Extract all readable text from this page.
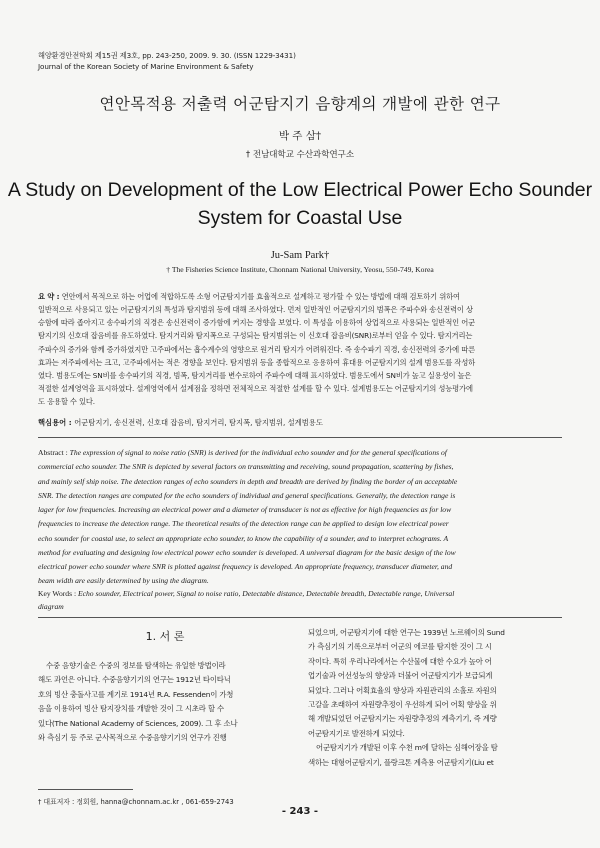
해양환경안전학회 제15권 제3호, pp. 243-250, 2009. 9. 30. (ISSN 1229-3431)
Journal of the Korean Society of Marine Environment & Safety
연안목적용 저출력 어군탐지기 음향계의 개발에 관한 연구
박 주 삼†
† 전남대학교 수산과학연구소
A Study on Development of the Low Electrical Power Echo Sounder
System for Coastal Use
Ju-Sam Park†
† The Fisheries Science Institute, Chonnam National University, Yeosu, 550-749, Korea
요 약 : 연안에서 목적으로 하는 어업에 적합하도록 소형 어군탐지기를 효율적으로 설계하고 평가할 수 있는 방법에 대해 검토하기 위하여
일반적으로 사용되고 있는 어군탐지기의 특성과 탐지범위 등에 대해 조사하였다. 먼저 일반적인 어군탐지기의 범폭은 주파수와 송신전력이 상
승함에 따라 좁아지고 송수파기의 직경은 송신전력이 증가함에 커지는 경향을 보였다. 이 특성을 이용하여 상업적으로 사용되는 일반적인 어군
탐지기의 신호대 잡음비를 유도하였다. 탐지거리와 탐지폭으로 구성되는 탐지범위는 이 신호대 잡음비(SNR)로부터 얻을 수 있다. 탐지거리는
주파수의 증가와 함께 증가하였지만 고주파에서는 흡수계수의 영향으로 원거리 탐지가 어려워진다. 즉 송수파기 직경, 송신전력의 증가에 따른
효과는 저주파에서는 크고, 고주파에서는 적은 경향을 보인다. 탐지범위 등을 종합적으로 응용하여 휴대용 어군탐지기의 설계 범용도를 작성하
였다. 범용도에는 SN비를 송수파기의 직경, 빔폭, 탐지거리를 변수로하여 주파수에 대해 표시하였다. 범용도에서 SN비가 높고 실용성이 높은
적절한 설계영역을 표시하였다. 설계영역에서 설계점을 정하면 전체적으로 적절한 설계를 할 수 있다. 설계범용도는 어군탐지기의 성능평가에
도 응용할 수 있다.
핵심용어 : 어군탐지기, 송신전력, 신호대 잡음비, 탐지거리, 탐지폭, 탐지범위, 설계범용도
Abstract : The expression of signal to noise ratio (SNR) is derived for the individual echo sounder and for the general specifications of
commercial echo sounder. The SNR is depicted by several factors on transmitting and receiving, sound propagation, scattering by fishes,
and mainly self ship noise. The detection ranges of echo sounders in depth and breadth are derived by finding the border of an acceptable
SNR. The detection ranges are computed for the echo sounders of individual and general specifications. Generally, the detection range is
lager for low frequencies. Increasing an electrical power and a diameter of transducer is not as effective for high frequencies as for low
frequencies to increase the detection range. The theoretical results of the detection range can be applied to design low electrical power
echo sounder for coastal use, to select an appropriate echo sounder, to know the capability of a sounder, and to interpret echograms. A
method for evaluating and designing low electrical power echo sounder is developed. A universal diagram for the basic design of the low
electrical power echo sounder where SNR is plotted against frequency is developed. An appropriate frequency, transducer diameter, and
beam width are easily determined by using the diagram.
Key Words : Echo sounder, Electrical power, Signal to noise ratio, Detectable distance, Detectable breadth, Detectable range, Universal
diagram
1. 서 론
수중 음향기술은 수중의 정보를 탐색하는 유일한 방법이라
해도 과언은 아니다. 수중음향기기의 연구는 1912년 타이타닉
호의 빙산 충돌사고를 계기로 1914년 R.A. Fessenden이 가청
음을 이용하여 빙산 탐지장치를 개발한 것이 그 시초라 할 수
있다(The National Academy of Sciences, 2009). 그 후 소나
와 측심기 등 주로 군사목적으로 수중음향기기의 연구가 진행
되었으며, 어군탐지기에 대한 연구는 1939년 노르웨이의 Sund
가 측심기의 기록으로부터 어군의 에코를 탐지한 것이 그 시
작이다. 특히 우리나라에서는 수산물에 대한 수요가 높아 어
업기술과 어선성능의 향상과 더불어 어군탐지기가 보급되게
되었다. 그러나 어획효율의 향상과 자원관리의 소홀로 자원의
고갈을 초래하여 자원량추정이 우선하게 되어 어획 향상을 위
해 개발되었던 어군탐지기는 자원량추정의 계측기기, 즉 계량
어군탐지기로 발전하게 되었다.
어군탐지기가 개발된 이후 수천 m에 달하는 심해어장을 탐
색하는 대형어군탐지기, 플랑크톤 계측용 어군탐지기(Liu et
† 대표저자 : 정회원, hanna@chonnam.ac.kr , 061-659-2743
- 243 -
